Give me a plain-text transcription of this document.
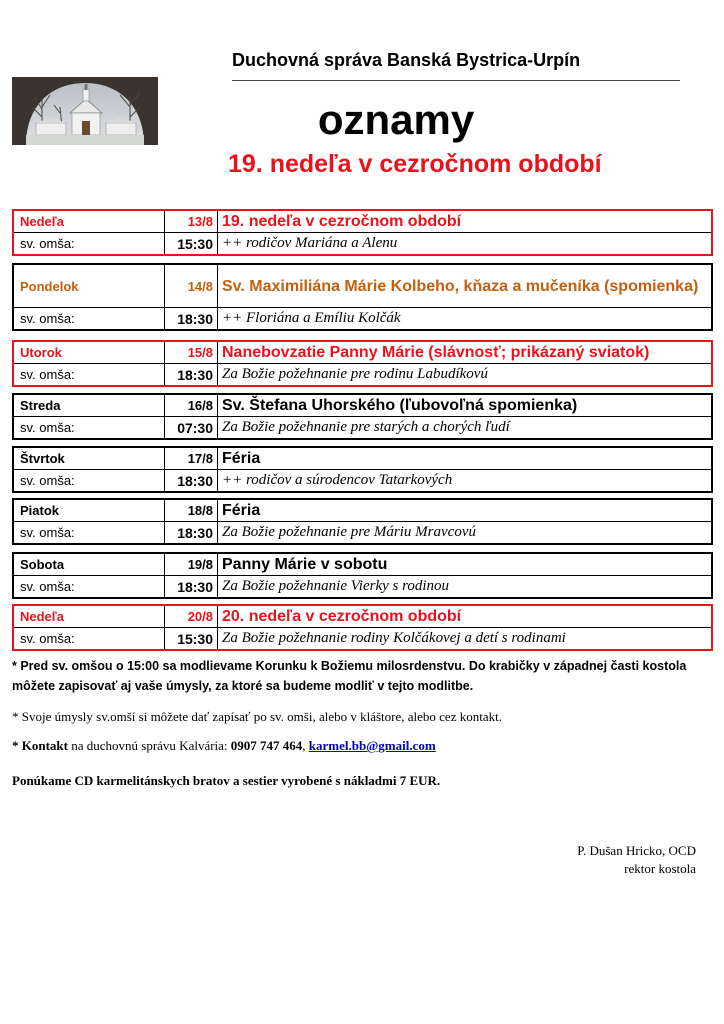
Duchovná správa Banská Bystrica-Urpín
oznamy
19. nedeľa v cezročnom období
Nedeľa	13/8 19. nedeľa v cezročnom období
sv. omša:	15:30 ++ rodičov Mariána a Alenu
Pondelok	14/8 Sv. Maximiliána Márie Kolbeho, kňaza a mučeníka (spomienka)
sv. omša:	18:30 ++ Floriána a Emíliu Kolčák
Utorok	15/8 Nanebovzatie Panny Márie (slávnosť; prikázaný sviatok)
sv. omša:	18:30 Za Božie požehnanie pre rodinu Labudíkovú
Streda	16/8 Sv. Štefana Uhorského (ľubovoľná spomienka)
sv. omša:	07:30 Za Božie požehnanie pre starých a chorých ľudí
Štvrtok	17/8 Féria
sv. omša:	18:30 ++ rodičov a súrodencov Tatarkových
Piatok	18/8 Féria
sv. omša:	18:30 Za Božie požehnanie pre Máriu Mravcovú
Sobota	19/8 Panny Márie v sobotu
sv. omša:	18:30 Za Božie požehnanie Vierky s rodinou
Nedeľa	20/8 20. nedeľa v cezročnom období
sv. omša:	15:30 Za Božie požehnanie rodiny Kolčákovej a detí s rodinami
* Pred sv. omšou o 15:00 sa modlievame Korunku k Božiemu milosrdenstvu. Do krabičky v západnej časti kostola môžete zapisovať aj vaše úmysly, za ktoré sa budeme modliť v tejto modlitbe.
* Svoje úmysly sv.omší si môžete dať zapísať po sv. omši, alebo v kláštore, alebo cez kontakt.
* Kontakt na duchovnú správu Kalvária: 0907 747 464, karmel.bb@gmail.com
Ponúkame CD karmelitánskych bratov a sestier vyrobené s nákladmi 7 EUR.
P. Dušan Hricko, OCD
rektor kostola
